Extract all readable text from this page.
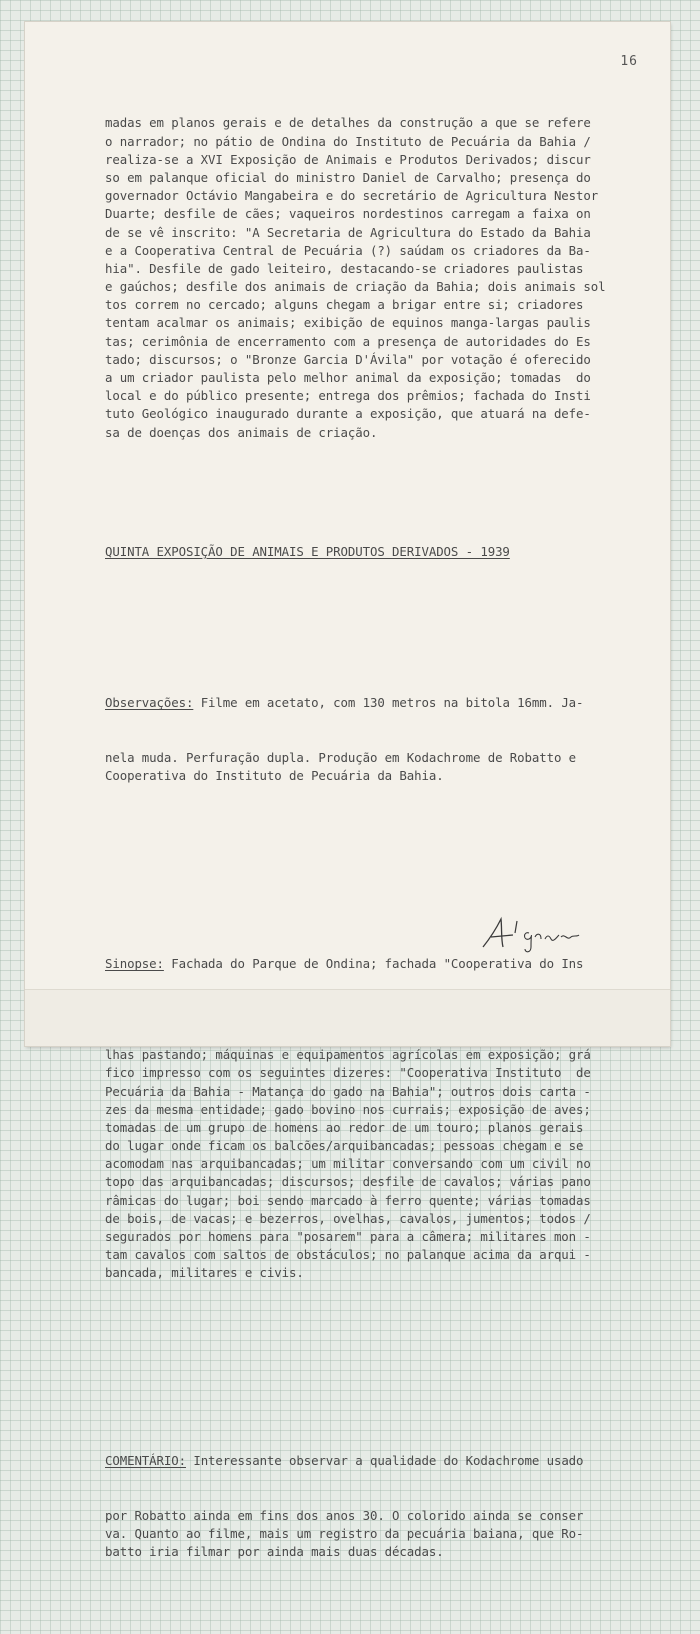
16

madas em planos gerais e de detalhes da construção a que se refere
o narrador; no pátio de Ondina do Instituto de Pecuária da Bahia /
realiza-se a XVI Exposição de Animais e Produtos Derivados; discur
so em palanque oficial do ministro Daniel de Carvalho; presença do
governador Octávio Mangabeira e do secretário de Agricultura Nestor
Duarte; desfile de cães; vaqueiros nordestinos carregam a faixa on
de se vê inscrito: "A Secretaria de Agricultura do Estado da Bahia
e a Cooperativa Central de Pecuária (?) saúdam os criadores da Ba-
hia". Desfile de gado leiteiro, destacando-se criadores paulistas
e gaúchos; desfile dos animais de criação da Bahia; dois animais sol
tos correm no cercado; alguns chegam a brigar entre si; criadores
tentam acalmar os animais; exibição de equinos manga-largas paulis
tas; cerimônia de encerramento com a presença de autoridades do Es
tado; discursos; o "Bronze Garcia D'Ávila" por votação é oferecido
a um criador paulista pelo melhor animal da exposição; tomadas  do
local e do público presente; entrega dos prêmios; fachada do Insti
tuto Geológico inaugurado durante a exposição, que atuará na defe-
sa de doenças dos animais de criação.

QUINTA EXPOSIÇÃO DE ANIMAIS E PRODUTOS DERIVADOS - 1939

Observações: Filme em acetato, com 130 metros na bitola 16mm. Ja-

nela muda. Perfuração dupla. Produção em Kodachrome de Robatto e
Cooperativa do Instituto de Pecuária da Bahia.

Sinopse: Fachada do Parque de Ondina; fachada "Cooperativa do Ins

lhas pastando; máquinas e equipamentos agrícolas em exposição; grá
fico impresso com os seguintes dizeres: "Cooperativa Instituto  de
Pecuária da Bahia - Matança do gado na Bahia"; outros dois carta -
zes da mesma entidade; gado bovino nos currais; exposição de aves;
tomadas de um grupo de homens ao redor de um touro; planos gerais
do lugar onde ficam os balcões/arquibancadas; pessoas chegam e se
acomodam nas arquibancadas; um militar conversando com um civil no
topo das arquibancadas; discursos; desfile de cavalos; várias pano
râmicas do lugar; boi sendo marcado à ferro quente; várias tomadas
de bois, de vacas; e bezerros, ovelhas, cavalos, jumentos; todos /
segurados por homens para "posarem" para a câmera; militares mon -
tam cavalos com saltos de obstáculos; no palanque acima da arqui -
bancada, militares e civis.

COMENTÁRIO: Interessante observar a qualidade do Kodachrome usado

por Robatto ainda em fins dos anos 30. O colorido ainda se conser
va. Quanto ao filme, mais um registro da pecuária baiana, que Ro-
batto iria filmar por ainda mais duas décadas.
